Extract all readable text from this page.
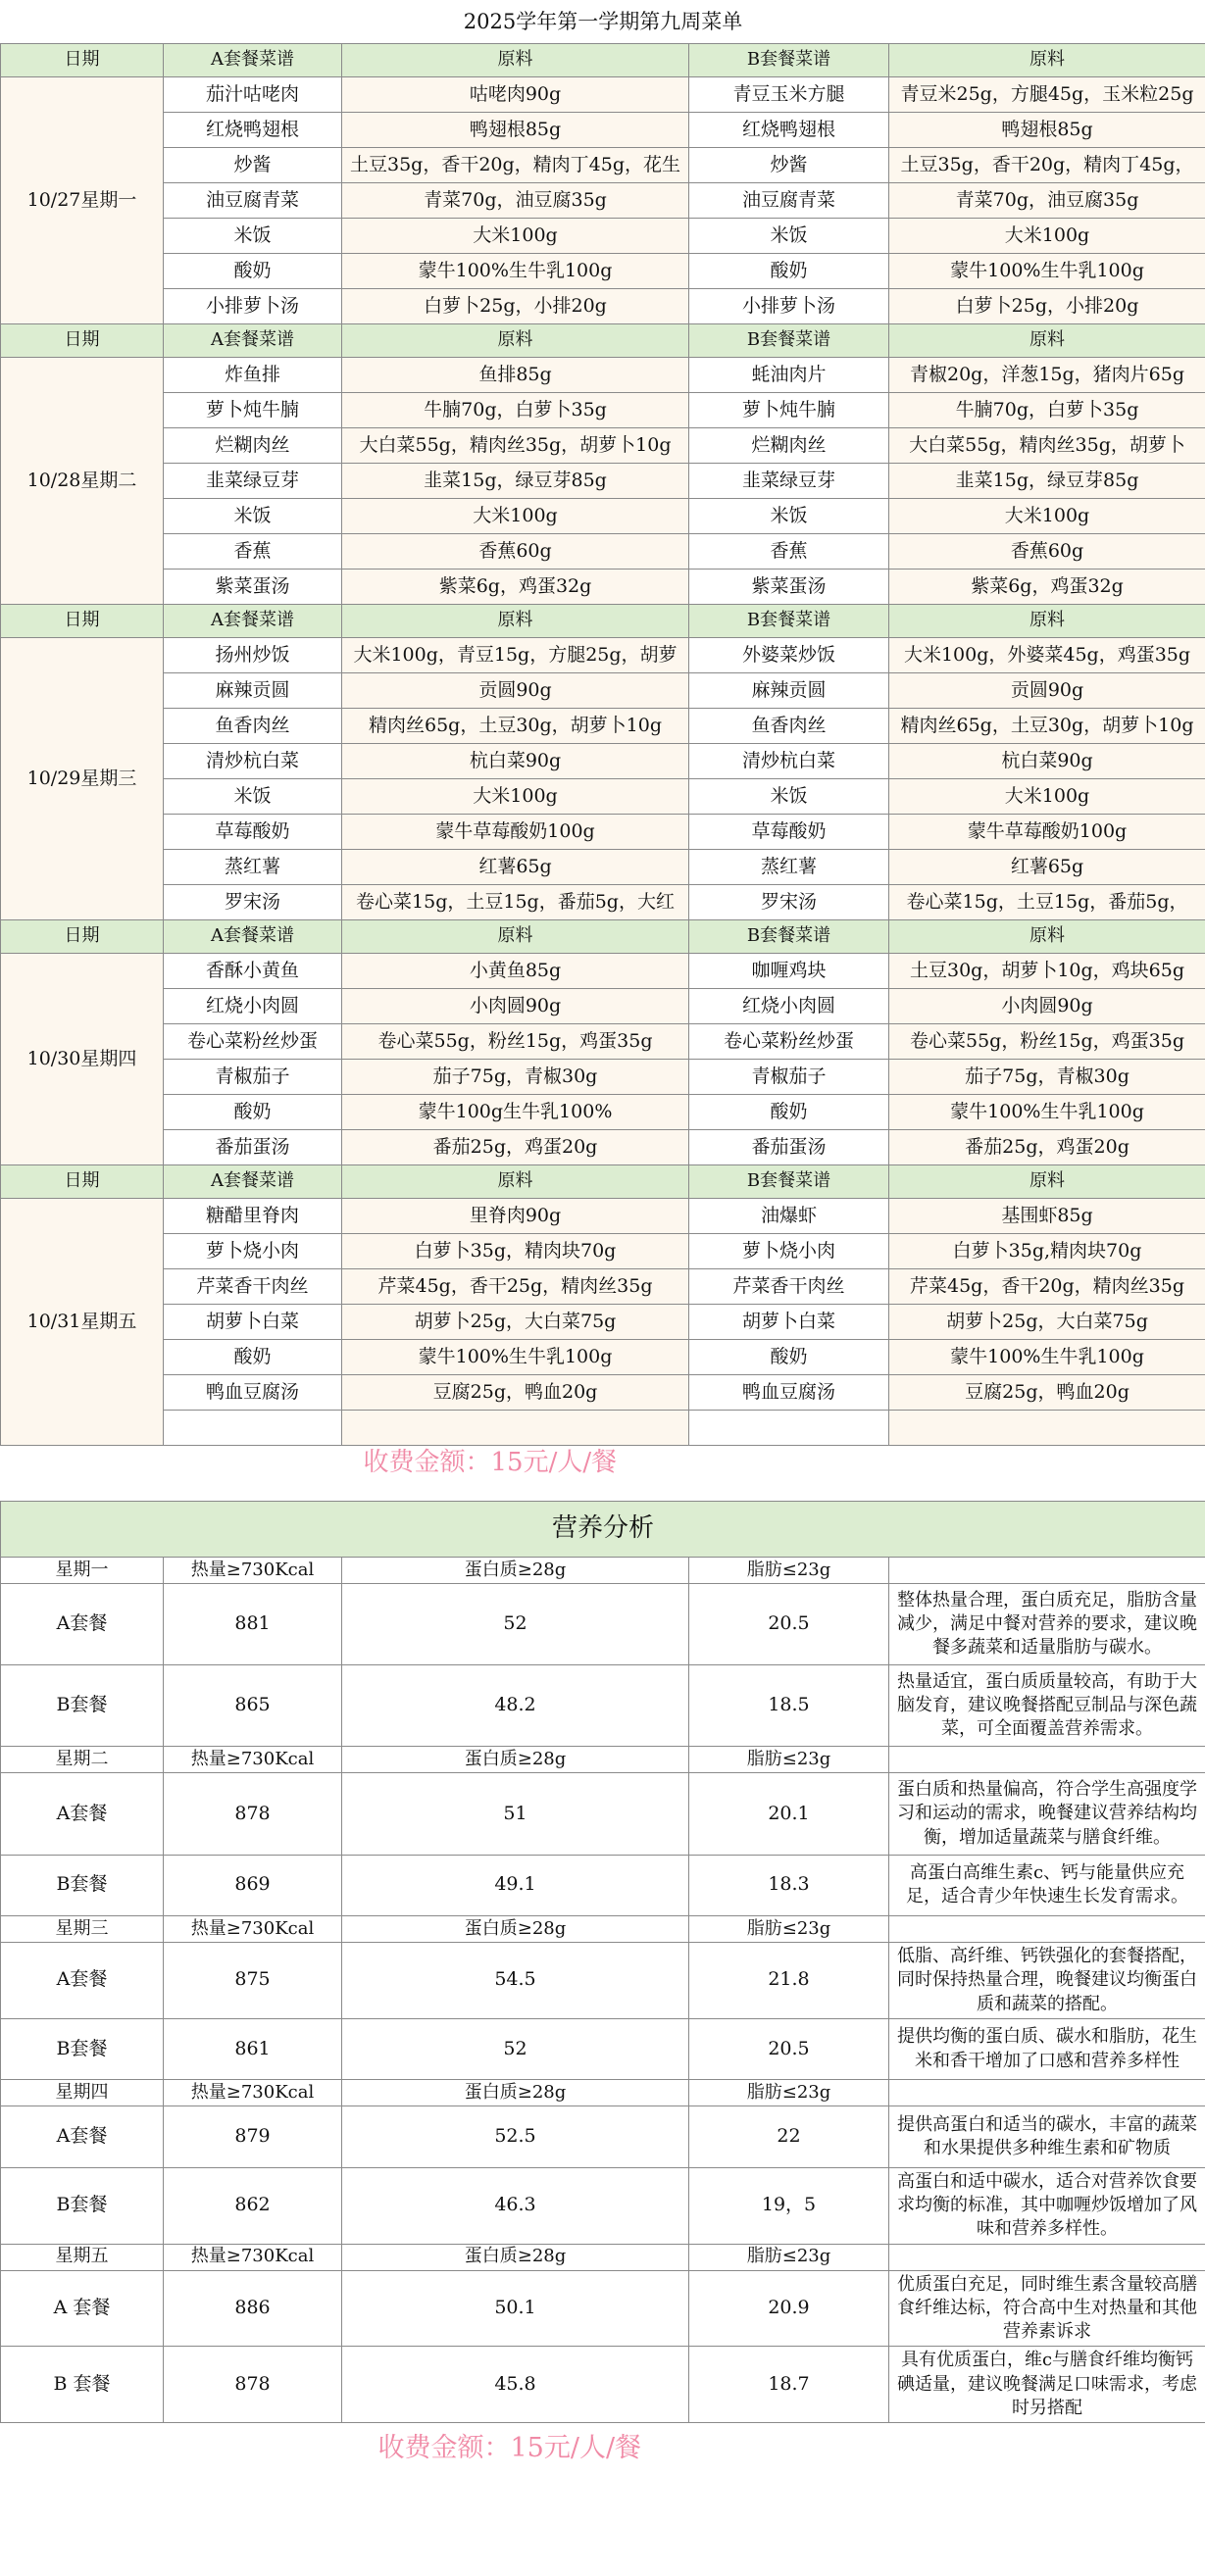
2025学年第一学期第九周菜单				
日期	A套餐菜谱	原料	B套餐菜谱	原料
10/27星期一	茄汁咕咾肉	咕咾肉90g	青豆玉米方腿	青豆米25g，方腿45g，玉米粒25g
	红烧鸭翅根	鸭翅根85g	红烧鸭翅根	鸭翅根85g
	炒酱	土豆35g，香干20g，精肉丁45g，花生	炒酱	土豆35g，香干20g，精肉丁45g，
	油豆腐青菜	青菜70g，油豆腐35g	油豆腐青菜	青菜70g，油豆腐35g
	米饭	大米100g	米饭	大米100g
	酸奶	蒙牛100%生牛乳100g	酸奶	蒙牛100%生牛乳100g
	小排萝卜汤	白萝卜25g，小排20g	小排萝卜汤	白萝卜25g，小排20g
日期	A套餐菜谱	原料	B套餐菜谱	原料
10/28星期二	炸鱼排	鱼排85g	蚝油肉片	青椒20g，洋葱15g，猪肉片65g
	萝卜炖牛腩	牛腩70g，白萝卜35g	萝卜炖牛腩	牛腩70g，白萝卜35g
	烂糊肉丝	大白菜55g，精肉丝35g，胡萝卜10g	烂糊肉丝	大白菜55g，精肉丝35g，胡萝卜
	韭菜绿豆芽	韭菜15g，绿豆芽85g	韭菜绿豆芽	韭菜15g，绿豆芽85g
	米饭	大米100g	米饭	大米100g
	香蕉	香蕉60g	香蕉	香蕉60g
	紫菜蛋汤	紫菜6g，鸡蛋32g	紫菜蛋汤	紫菜6g，鸡蛋32g
日期	A套餐菜谱	原料	B套餐菜谱	原料
10/29星期三	扬州炒饭	大米100g，青豆15g，方腿25g，胡萝	外婆菜炒饭	大米100g，外婆菜45g，鸡蛋35g
	麻辣贡圆	贡圆90g	麻辣贡圆	贡圆90g
	鱼香肉丝	精肉丝65g，土豆30g，胡萝卜10g	鱼香肉丝	精肉丝65g，土豆30g，胡萝卜10g
	清炒杭白菜	杭白菜90g	清炒杭白菜	杭白菜90g
	米饭	大米100g	米饭	大米100g
	草莓酸奶	蒙牛草莓酸奶100g	草莓酸奶	蒙牛草莓酸奶100g
	蒸红薯	红薯65g	蒸红薯	红薯65g
	罗宋汤	卷心菜15g，土豆15g，番茄5g，大红	罗宋汤	卷心菜15g，土豆15g，番茄5g，
日期	A套餐菜谱	原料	B套餐菜谱	原料
10/30星期四	香酥小黄鱼	小黄鱼85g	咖喱鸡块	土豆30g，胡萝卜10g，鸡块65g
	红烧小肉圆	小肉圆90g	红烧小肉圆	小肉圆90g
	卷心菜粉丝炒蛋	卷心菜55g，粉丝15g，鸡蛋35g	卷心菜粉丝炒蛋	卷心菜55g，粉丝15g，鸡蛋35g
	青椒茄子	茄子75g，青椒30g	青椒茄子	茄子75g，青椒30g
	酸奶	蒙牛100g生牛乳100%	酸奶	蒙牛100%生牛乳100g
	番茄蛋汤	番茄25g，鸡蛋20g	番茄蛋汤	番茄25g，鸡蛋20g
日期	A套餐菜谱	原料	B套餐菜谱	原料
10/31星期五	糖醋里脊肉	里脊肉90g	油爆虾	基围虾85g
	萝卜烧小肉	白萝卜35g，精肉块70g	萝卜烧小肉	白萝卜35g,精肉块70g
	芹菜香干肉丝	芹菜45g，香干25g，精肉丝35g	芹菜香干肉丝	芹菜45g，香干20g，精肉丝35g
	胡萝卜白菜	胡萝卜25g，大白菜75g	胡萝卜白菜	胡萝卜25g，大白菜75g
	酸奶	蒙牛100%生牛乳100g	酸奶	蒙牛100%生牛乳100g
	鸭血豆腐汤	豆腐25g，鸭血20g	鸭血豆腐汤	豆腐25g，鸭血20g

收费金额：15元/人/餐				

营养分析				
星期一	热量≥730Kcal	蛋白质≥28g	脂肪≤23g	
A套餐	881	52	20.5	整体热量合理，蛋白质充足，脂肪含量减少，满足中餐对营养的要求，建议晚餐多蔬菜和适量脂肪与碳水。
B套餐	865	48.2	18.5	热量适宜，蛋白质质量较高，有助于大脑发育，建议晚餐搭配豆制品与深色蔬菜，可全面覆盖营养需求。
星期二	热量≥730Kcal	蛋白质≥28g	脂肪≤23g	
A套餐	878	51	20.1	蛋白质和热量偏高，符合学生高强度学习和运动的需求，晚餐建议营养结构均衡，增加适量蔬菜与膳食纤维。
B套餐	869	49.1	18.3	高蛋白高维生素c、钙与能量供应充足，适合青少年快速生长发育需求。
星期三	热量≥730Kcal	蛋白质≥28g	脂肪≤23g	
A套餐	875	54.5	21.8	低脂、高纤维、钙铁强化的套餐搭配，同时保持热量合理，晚餐建议均衡蛋白质和蔬菜的搭配。
B套餐	861	52	20.5	提供均衡的蛋白质、碳水和脂肪，花生米和香干增加了口感和营养多样性
星期四	热量≥730Kcal	蛋白质≥28g	脂肪≤23g	
A套餐	879	52.5	22	提供高蛋白和适当的碳水，丰富的蔬菜和水果提供多种维生素和矿物质
B套餐	862	46.3	19，5	高蛋白和适中碳水，适合对营养饮食要求均衡的标准，其中咖喱炒饭增加了风味和营养多样性。
星期五	热量≥730Kcal	蛋白质≥28g	脂肪≤23g	
A 套餐	886	50.1	20.9	优质蛋白充足，同时维生素含量较高膳食纤维达标，符合高中生对热量和其他营养素诉求
B 套餐	878	45.8	18.7	具有优质蛋白，维c与膳食纤维均衡钙碘适量，建议晚餐满足口味需求，考虑时另搭配
收费金额：15元/人/餐				
